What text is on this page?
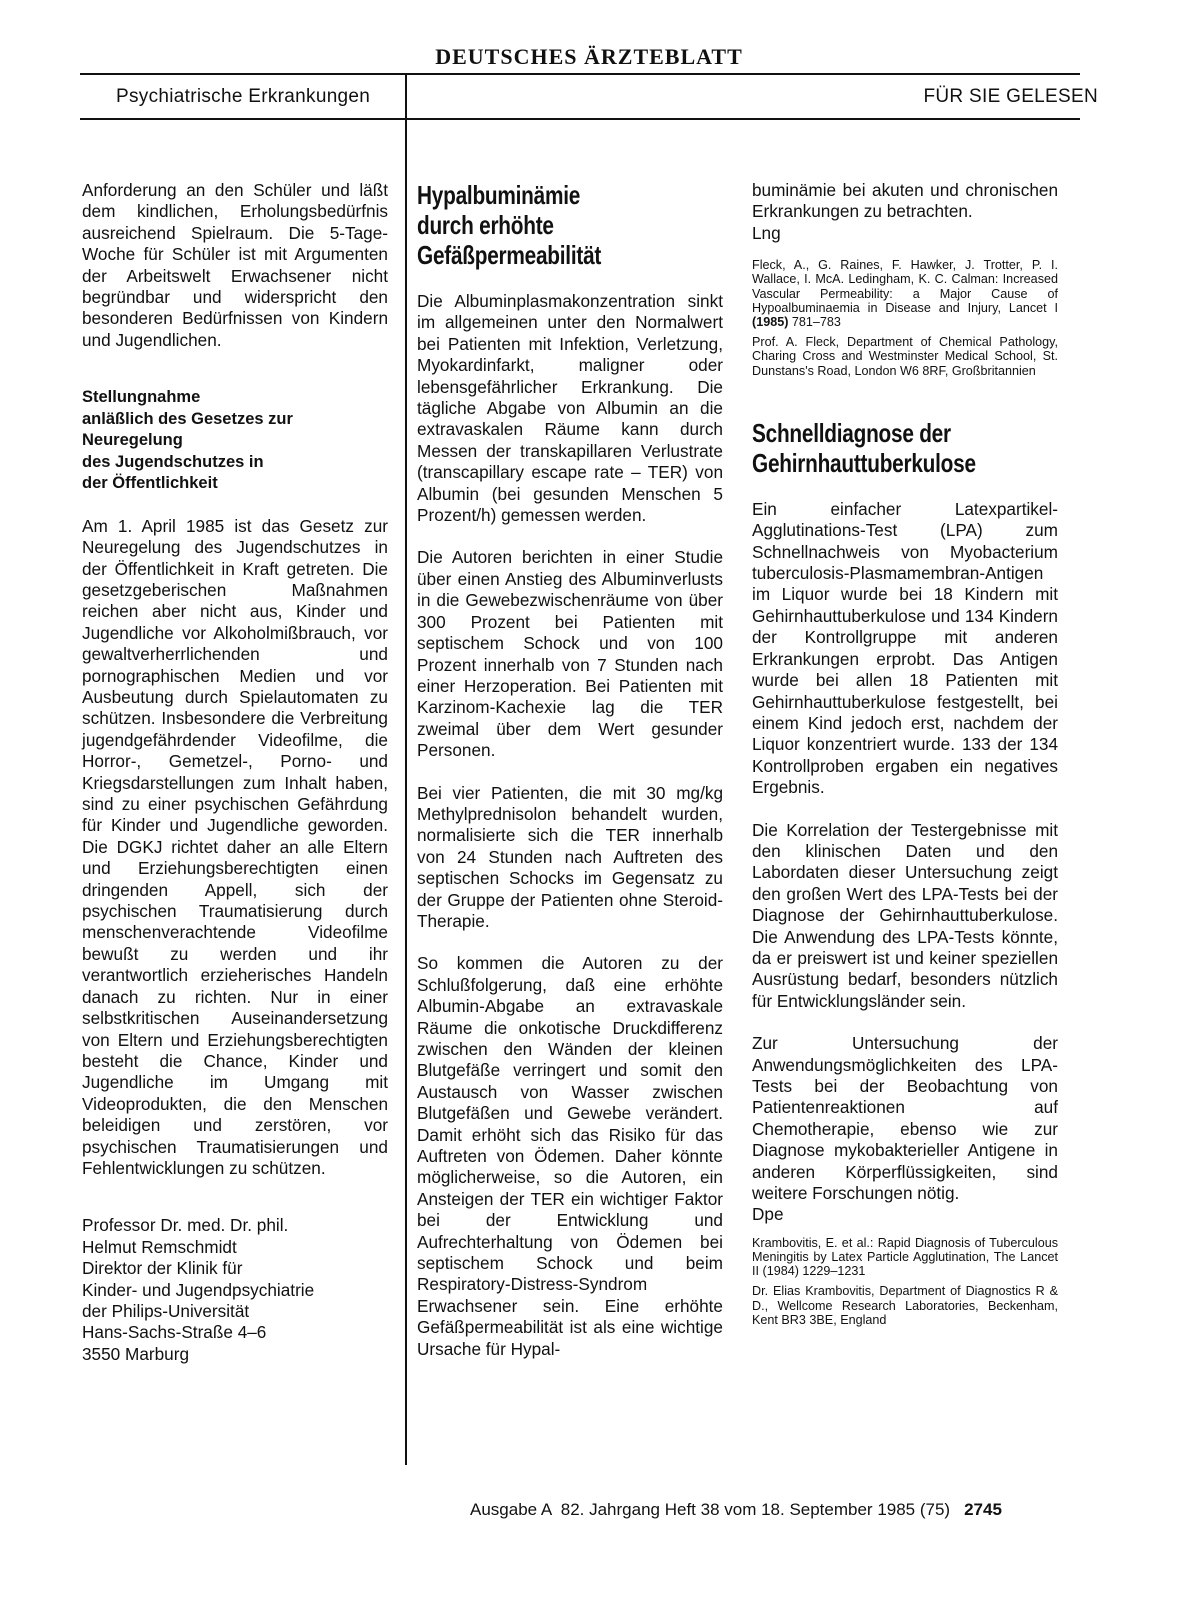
DEUTSCHES ÄRZTEBLATT
Psychiatrische Erkrankungen	FÜR SIE GELESEN

Anforderung an den Schüler und läßt dem kindlichen, Erholungsbedürfnis ausreichend Spielraum. Die 5-Tage-Woche für Schüler ist mit Argumenten der Arbeitswelt Erwachsener nicht begründbar und widerspricht den besonderen Bedürfnissen von Kindern und Jugendlichen.

Stellungnahme

anläßlich des Gesetzes zur

Neuregelung

des Jugendschutzes in

der Öffentlichkeit

Am 1. April 1985 ist das Gesetz zur Neuregelung des Jugendschutzes in der Öffentlichkeit in Kraft getreten. Die gesetzgeberischen Maßnahmen reichen aber nicht aus, Kinder und Jugendliche vor Alkoholmißbrauch, vor gewaltverherrlichenden und pornographischen Medien und vor Ausbeutung durch Spielautomaten zu schützen. Insbesondere die Verbreitung jugendgefährdender Videofilme, die Horror-, Gemetzel-, Porno- und Kriegsdarstellungen zum Inhalt haben, sind zu einer psychischen Gefährdung für Kinder und Jugendliche geworden. Die DGKJ richtet daher an alle Eltern und Erziehungsberechtigten einen dringenden Appell, sich der psychischen Traumatisierung durch menschenverachtende Videofilme bewußt zu werden und ihr verantwortlich erzieherisches Handeln danach zu richten. Nur in einer selbstkritischen Auseinandersetzung von Eltern und Erziehungsberechtigten besteht die Chance, Kinder und Jugendliche im Umgang mit Videoprodukten, die den Menschen beleidigen und zerstören, vor psychischen Traumatisierungen und Fehlentwicklungen zu schützen.

Professor Dr. med. Dr. phil.

Helmut Remschmidt

Direktor der Klinik für

Kinder- und Jugendpsychiatrie

der Philips-Universität

Hans-Sachs-Straße 4–6

3550 Marburg

Hypalbuminämie

durch erhöhte

Gefäßpermeabilität

Die Albuminplasmakonzentration sinkt im allgemeinen unter den Normalwert bei Patienten mit Infektion, Verletzung, Myokardinfarkt, maligner oder lebensgefährlicher Erkrankung. Die tägliche Abgabe von Albumin an die extravaskalen Räume kann durch Messen der transkapillaren Verlustrate (transcapillary escape rate – TER) von Albumin (bei gesunden Menschen 5 Prozent/h) gemessen werden.

Die Autoren berichten in einer Studie über einen Anstieg des Albuminverlusts in die Gewebezwischenräume von über 300 Prozent bei Patienten mit septischem Schock und von 100 Prozent innerhalb von 7 Stunden nach einer Herzoperation. Bei Patienten mit Karzinom-Kachexie lag die TER zweimal über dem Wert gesunder Personen.

Bei vier Patienten, die mit 30 mg/kg Methylprednisolon behandelt wurden, normalisierte sich die TER innerhalb von 24 Stunden nach Auftreten des septischen Schocks im Gegensatz zu der Gruppe der Patienten ohne Steroid-Therapie.

So kommen die Autoren zu der Schlußfolgerung, daß eine erhöhte Albumin-Abgabe an extravaskale Räume die onkotische Druckdifferenz zwischen den Wänden der kleinen Blutgefäße verringert und somit den Austausch von Wasser zwischen Blutgefäßen und Gewebe verändert. Damit erhöht sich das Risiko für das Auftreten von Ödemen. Daher könnte möglicherweise, so die Autoren, ein Ansteigen der TER ein wichtiger Faktor bei der Entwicklung und Aufrechterhaltung von Ödemen bei septischem Schock und beim Respiratory-Distress-Syndrom Erwachsener sein. Eine erhöhte Gefäßpermeabilität ist als eine wichtige Ursache für Hypal-

buminämie bei akuten und chronischen Erkrankungen zu betrachten.

Lng

Fleck, A., G. Raines, F. Hawker, J. Trotter, P. I. Wallace, I. McA. Ledingham, K. C. Calman: Increased Vascular Permeability: a Major Cause of Hypoalbuminaemia in Disease and Injury, Lancet I (1985) 781–783

Prof. A. Fleck, Department of Chemical Pathology, Charing Cross and Westminster Medical School, St. Dunstans's Road, London W6 8RF, Großbritannien

Schnelldiagnose der

Gehirnhauttuberkulose

Ein einfacher Latexpartikel-Agglutinations-Test (LPA) zum Schnellnachweis von Myobacterium tuberculosis-Plasmamembran-Antigen im Liquor wurde bei 18 Kindern mit Gehirnhauttuberkulose und 134 Kindern der Kontrollgruppe mit anderen Erkrankungen erprobt. Das Antigen wurde bei allen 18 Patienten mit Gehirnhauttuberkulose festgestellt, bei einem Kind jedoch erst, nachdem der Liquor konzentriert wurde. 133 der 134 Kontrollproben ergaben ein negatives Ergebnis.

Die Korrelation der Testergebnisse mit den klinischen Daten und den Labordaten dieser Untersuchung zeigt den großen Wert des LPA-Tests bei der Diagnose der Gehirnhauttuberkulose. Die Anwendung des LPA-Tests könnte, da er preiswert ist und keiner speziellen Ausrüstung bedarf, besonders nützlich für Entwicklungsländer sein.

Zur Untersuchung der Anwendungsmöglichkeiten des LPA-Tests bei der Beobachtung von Patientenreaktionen auf Chemotherapie, ebenso wie zur Diagnose mykobakterieller Antigene in anderen Körperflüssigkeiten, sind weitere Forschungen nötig.

Dpe

Krambovitis, E. et al.: Rapid Diagnosis of Tuberculous Meningitis by Latex Particle Agglutination, The Lancet II (1984) 1229–1231

Dr. Elias Krambovitis, Department of Diagnostics R & D., Wellcome Research Laboratories, Beckenham, Kent BR3 3BE, England

Ausgabe A  82. Jahrgang Heft 38 vom 18. September 1985 (75) 2745
